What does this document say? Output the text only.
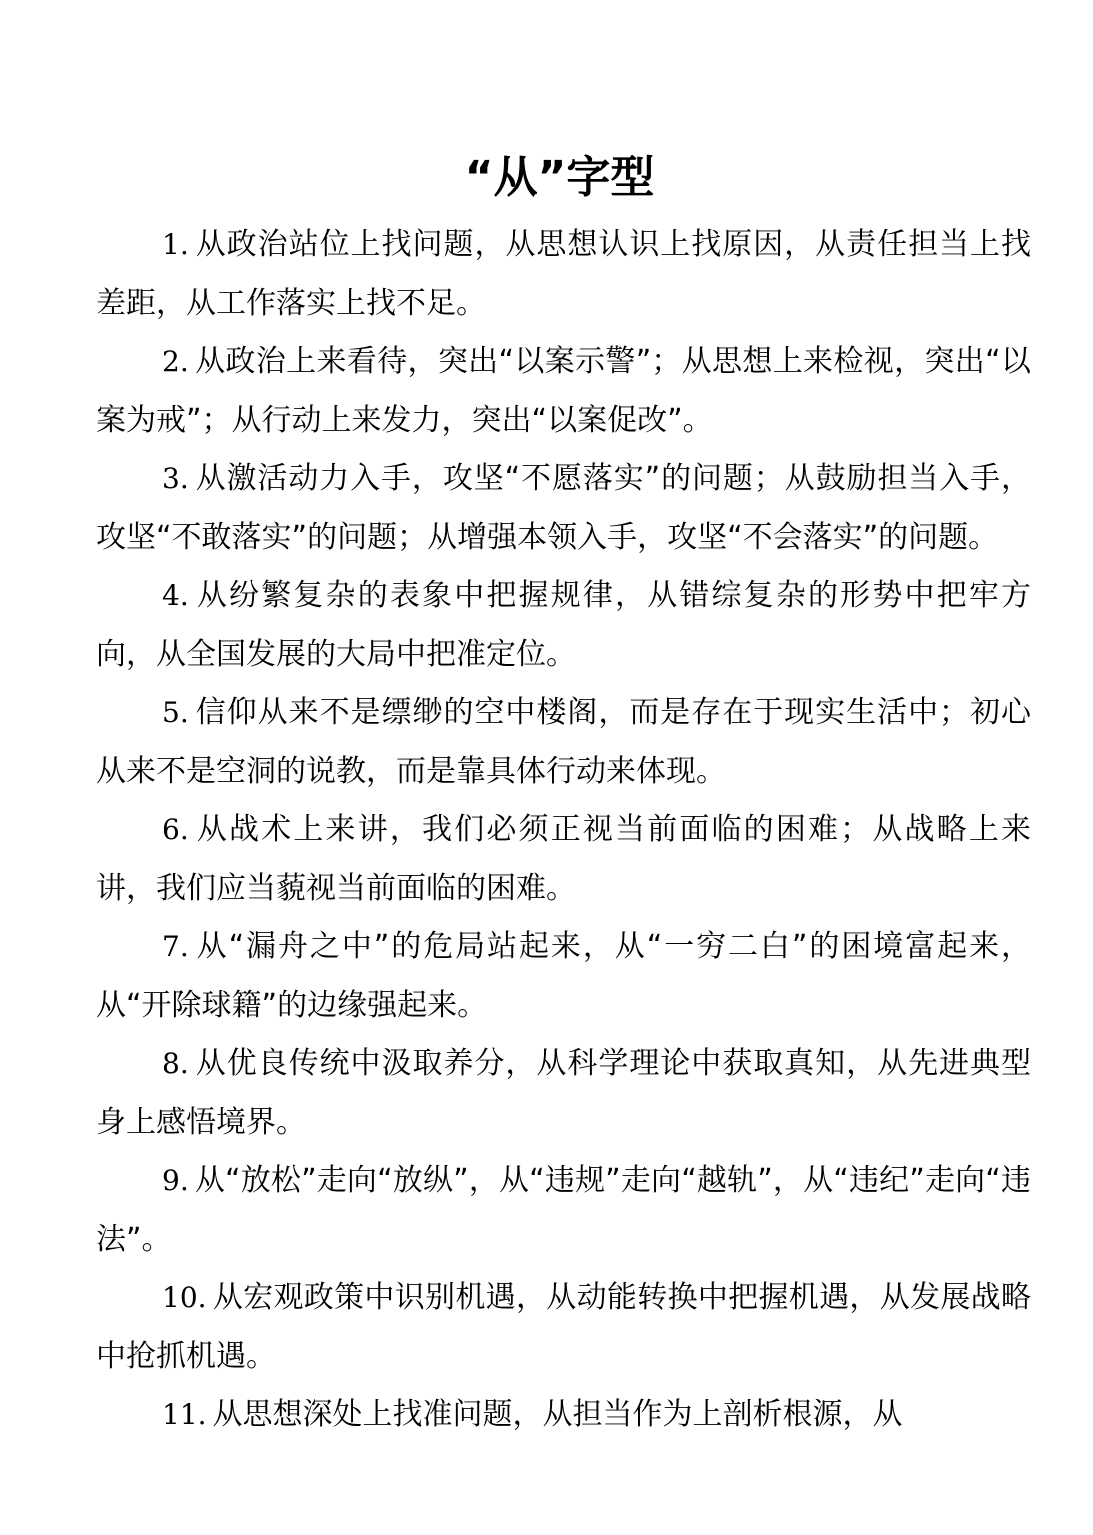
“从”字型

1. 从政治站位上找问题，从思想认识上找原因，从责任担当上找差距，从工作落实上找不足。

2. 从政治上来看待，突出“以案示警”；从思想上来检视，突出“以案为戒”；从行动上来发力，突出“以案促改”。

3. 从激活动力入手，攻坚“不愿落实”的问题；从鼓励担当入手，攻坚“不敢落实”的问题；从增强本领入手，攻坚“不会落实”的问题。

4. 从纷繁复杂的表象中把握规律，从错综复杂的形势中把牢方向，从全国发展的大局中把准定位。

5. 信仰从来不是缥缈的空中楼阁，而是存在于现实生活中；初心从来不是空洞的说教，而是靠具体行动来体现。

6. 从战术上来讲，我们必须正视当前面临的困难；从战略上来讲，我们应当藐视当前面临的困难。

7. 从“漏舟之中”的危局站起来，从“一穷二白”的困境富起来，从“开除球籍”的边缘强起来。

8. 从优良传统中汲取养分，从科学理论中获取真知，从先进典型身上感悟境界。

9. 从“放松”走向“放纵”，从“违规”走向“越轨”，从“违纪”走向“违法”。

10. 从宏观政策中识别机遇，从动能转换中把握机遇，从发展战略中抢抓机遇。

11. 从思想深处上找准问题，从担当作为上剖析根源，从
